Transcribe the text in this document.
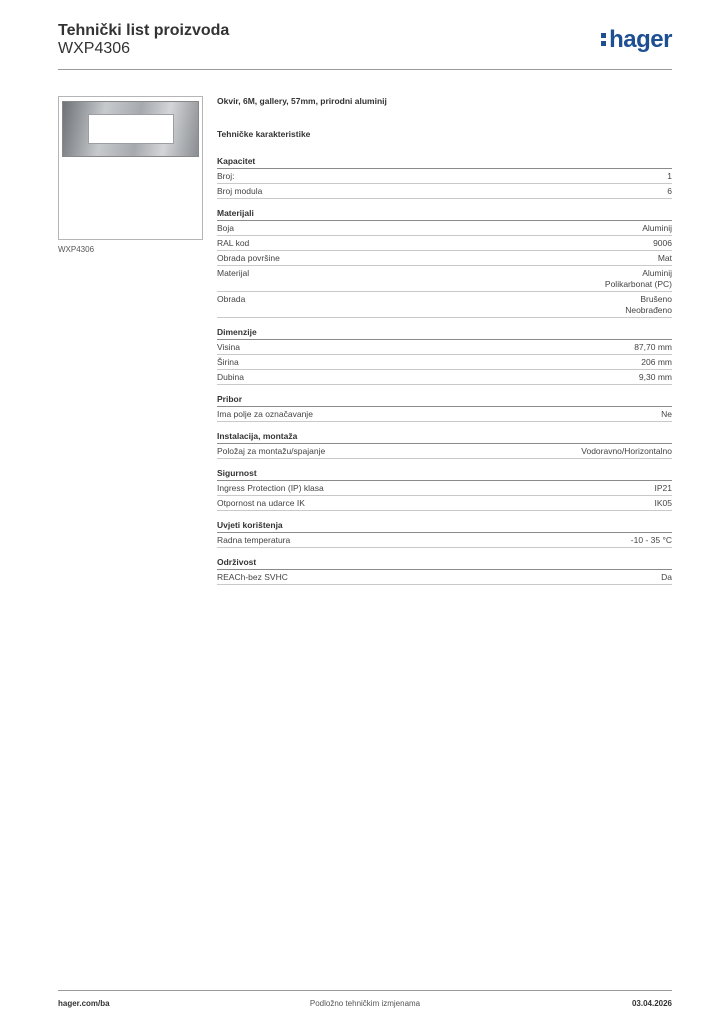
Tehnički list proizvoda
WXP4306	hager
WXP4306
Okvir, 6M, gallery, 57mm, prirodni aluminij
Tehničke karakteristike
Kapacitet
Broj:	1
Broj modula	6
Materijali
Boja	Aluminij
RAL kod	9006
Obrada površine	Mat
Materijal	Aluminij
Polikarbonat (PC)
Obrada	Brušeno
Neobrađeno
Dimenzije
Visina	87,70 mm
Širina	206 mm
Dubina	9,30 mm
Pribor
Ima polje za označavanje	Ne
Instalacija, montaža
Položaj za montažu/spajanje	Vodoravno/Horizontalno
Sigurnost
Ingress Protection (IP) klasa	IP21
Otpornost na udarce IK	IK05
Uvjeti korištenja
Radna temperatura	-10 - 35 °C
Održivost
REACh-bez SVHC	Da
hager.com/ba	Podložno tehničkim izmjenama	03.04.2026
